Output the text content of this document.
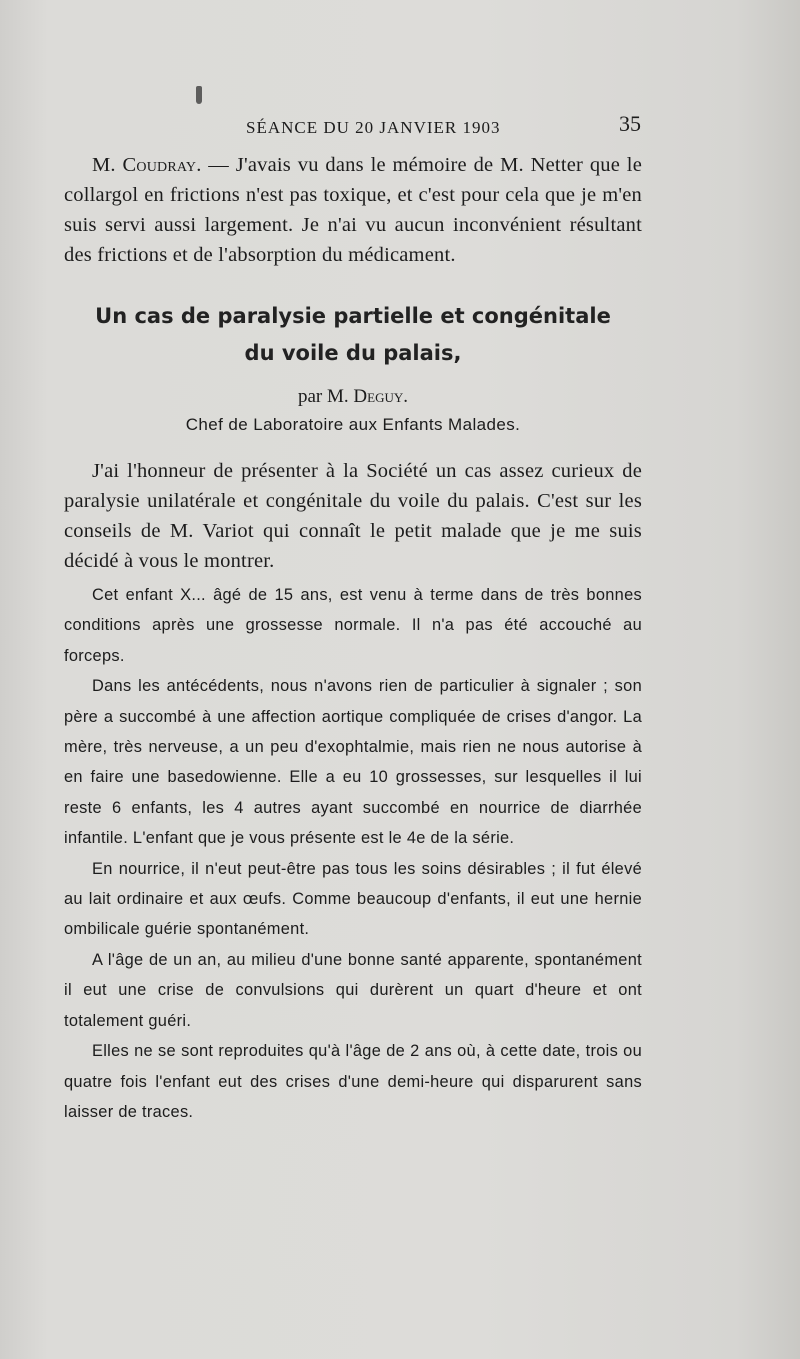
SÉANCE DU 20 JANVIER 1903	35

M. Coudray. — J'avais vu dans le mémoire de M. Netter que le collargol en frictions n'est pas toxique, et c'est pour cela que je m'en suis servi aussi largement. Je n'ai vu aucun inconvénient résultant des frictions et de l'absorption du médicament.

Un cas de paralysie partielle et congénitale
du voile du palais,
par M. Deguy.
Chef de Laboratoire aux Enfants Malades.

J'ai l'honneur de présenter à la Société un cas assez curieux de paralysie unilatérale et congénitale du voile du palais. C'est sur les conseils de M. Variot qui connaît le petit malade que je me suis décidé à vous le montrer.

Cet enfant X... âgé de 15 ans, est venu à terme dans de très bonnes conditions après une grossesse normale. Il n'a pas été accouché au forceps.

Dans les antécédents, nous n'avons rien de particulier à signaler ; son père a succombé à une affection aortique compliquée de crises d'angor. La mère, très nerveuse, a un peu d'exophtalmie, mais rien ne nous autorise à en faire une basedowienne. Elle a eu 10 grossesses, sur lesquelles il lui reste 6 enfants, les 4 autres ayant succombé en nourrice de diarrhée infantile. L'enfant que je vous présente est le 4e de la série.

En nourrice, il n'eut peut-être pas tous les soins désirables ; il fut élevé au lait ordinaire et aux œufs. Comme beaucoup d'enfants, il eut une hernie ombilicale guérie spontanément.

A l'âge de un an, au milieu d'une bonne santé apparente, spontanément il eut une crise de convulsions qui durèrent un quart d'heure et ont totalement guéri.

Elles ne se sont reproduites qu'à l'âge de 2 ans où, à cette date, trois ou quatre fois l'enfant eut des crises d'une demi-heure qui disparurent sans laisser de traces.
